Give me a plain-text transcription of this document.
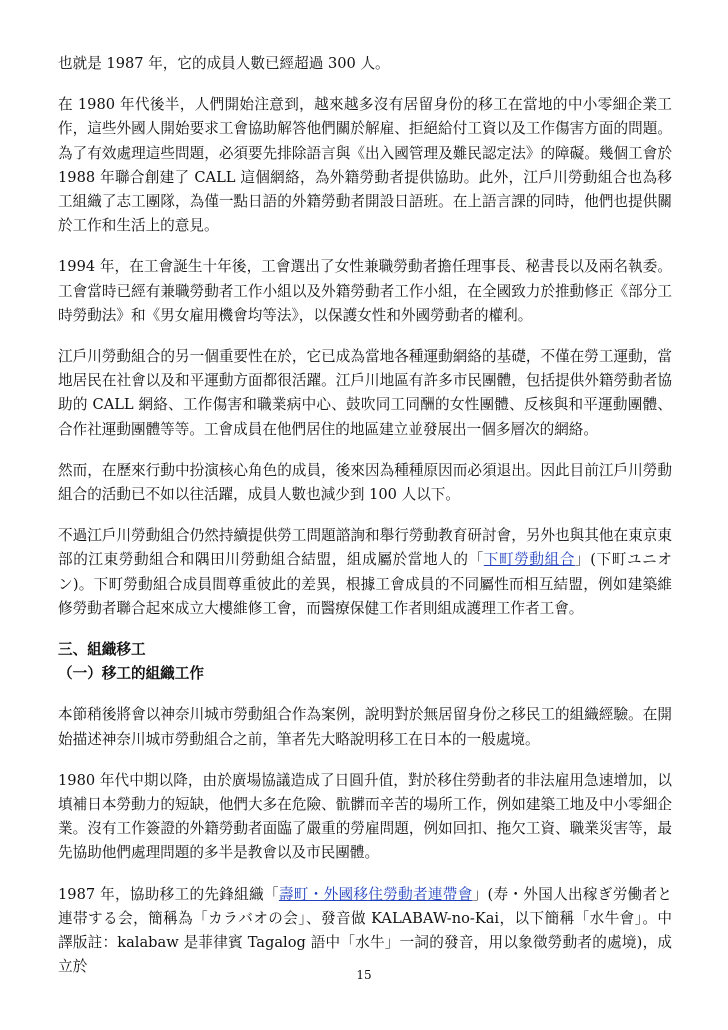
也就是 1987 年，它的成員人數已經超過 300 人。

在 1980 年代後半，人們開始注意到，越來越多沒有居留身份的移工在當地的中小零細企業工作，這些外國人開始要求工會協助解答他們關於解雇、拒絕給付工資以及工作傷害方面的問題。為了有效處理這些問題，必須要先排除語言與《出入國管理及難民認定法》的障礙。幾個工會於 1988 年聯合創建了 CALL 這個網絡，為外籍勞動者提供協助。此外，江戶川勞動組合也為移工組織了志工團隊，為僅一點日語的外籍勞動者開設日語班。在上語言課的同時，他們也提供關於工作和生活上的意見。

1994 年，在工會誕生十年後，工會選出了女性兼職勞動者擔任理事長、秘書長以及兩名執委。工會當時已經有兼職勞動者工作小組以及外籍勞動者工作小組，在全國致力於推動修正《部分工時勞動法》和《男女雇用機會均等法》，以保護女性和外國勞動者的權利。

江戶川勞動組合的另一個重要性在於，它已成為當地各種運動網絡的基礎，不僅在勞工運動，當地居民在社會以及和平運動方面都很活躍。江戶川地區有許多市民團體，包括提供外籍勞動者協助的 CALL 網絡、工作傷害和職業病中心、鼓吹同工同酬的女性團體、反核與和平運動團體、合作社運動團體等等。工會成員在他們居住的地區建立並發展出一個多層次的網絡。

然而，在歷來行動中扮演核心角色的成員，後來因為種種原因而必須退出。因此目前江戶川勞動組合的活動已不如以往活躍，成員人數也減少到 100 人以下。

不過江戶川勞動組合仍然持續提供勞工問題諮詢和舉行勞動教育研討會，另外也與其他在東京東部的江東勞動組合和隅田川勞動組合結盟，組成屬於當地人的「下町勞動組合」(下町ユニオン)。下町勞動組合成員間尊重彼此的差異，根據工會成員的不同屬性而相互結盟，例如建築維修勞動者聯合起來成立大樓維修工會，而醫療保健工作者則組成護理工作者工會。

三、組織移工

（一）移工的組織工作

本節稍後將會以神奈川城市勞動組合作為案例，說明對於無居留身份之移民工的組織經驗。在開始描述神奈川城市勞動組合之前，筆者先大略說明移工在日本的一般處境。

1980 年代中期以降，由於廣場協議造成了日圓升值，對於移住勞動者的非法雇用急速增加，以填補日本勞動力的短缺，他們大多在危險、骯髒而辛苦的場所工作，例如建築工地及中小零細企業。沒有工作簽證的外籍勞動者面臨了嚴重的勞雇問題，例如回扣、拖欠工資、職業災害等，最先協助他們處理問題的多半是教會以及市民團體。

1987 年，協助移工的先鋒組織「壽町・外國移住勞動者連帶會」(寿・外国人出稼ぎ労働者と連帯する会，簡稱為「カラバオの会」、發音做 KALABAW-no-Kai，以下簡稱「水牛會」。中譯版註：kalabaw 是菲律賓 Tagalog 語中「水牛」一詞的發音，用以象徵勞動者的處境)，成立於	15
